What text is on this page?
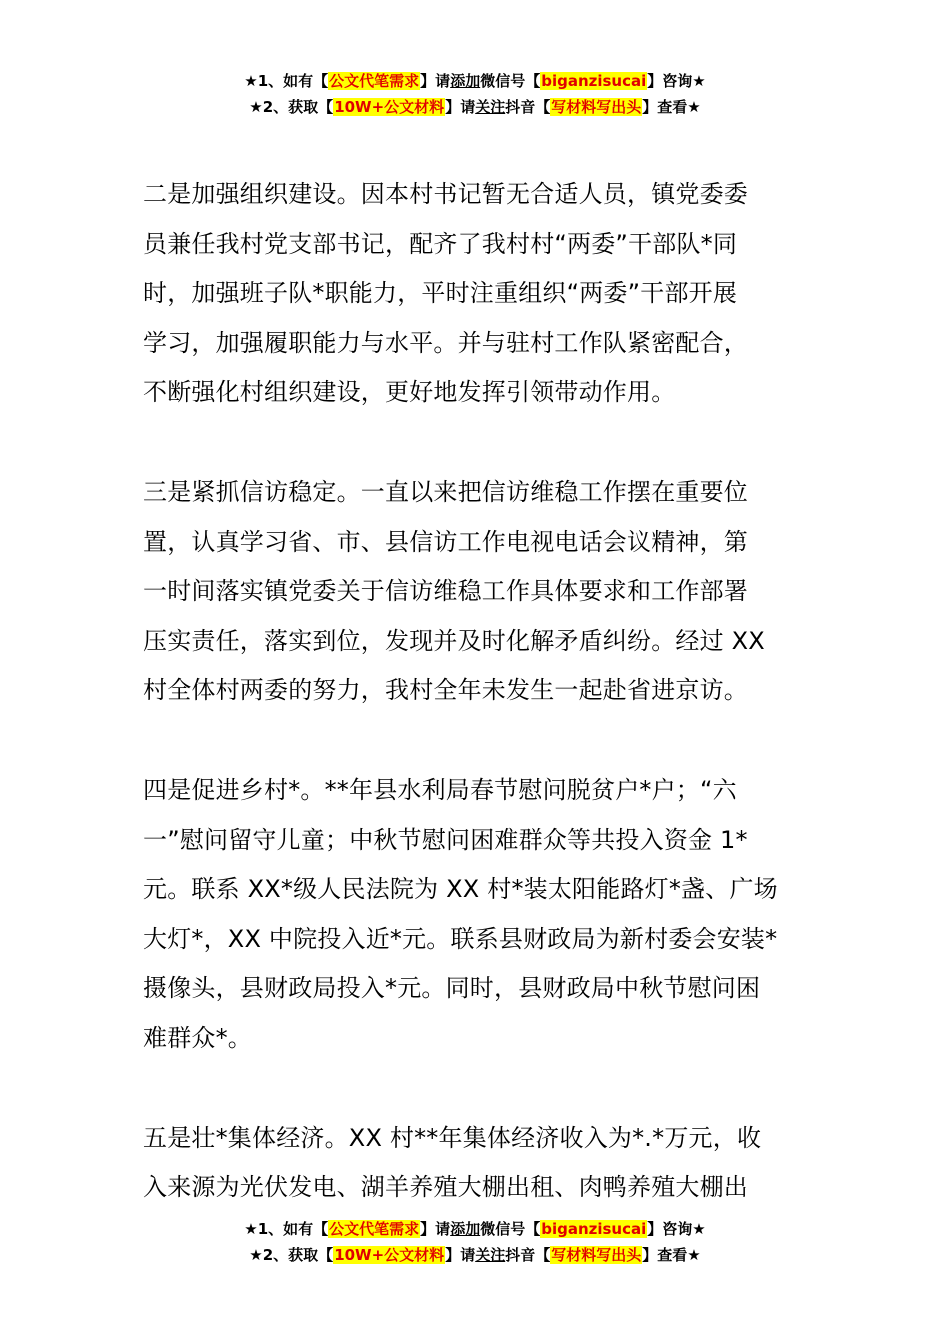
★1、如有【公文代笔需求】请添加微信号【biganzisucai】咨询★
★2、获取【10W+公文材料】请关注抖音【写材料写出头】查看★
二是加强组织建设。因本村书记暂无合适人员，镇党委委
员兼任我村党支部书记，配齐了我村村“两委”干部队*同
时，加强班子队*职能力，平时注重组织“两委”干部开展
学习，加强履职能力与水平。并与驻村工作队紧密配合，
不断强化村组织建设，更好地发挥引领带动作用。
三是紧抓信访稳定。一直以来把信访维稳工作摆在重要位
置，认真学习省、市、县信访工作电视电话会议精神，第
一时间落实镇党委关于信访维稳工作具体要求和工作部署
压实责任，落实到位，发现并及时化解矛盾纠纷。经过 XX
村全体村两委的努力，我村全年未发生一起赴省进京访。
四是促进乡村*。**年县水利局春节慰问脱贫户*户；“六
一”慰问留守儿童；中秋节慰问困难群众等共投入资金 1*
元。联系 XX*级人民法院为 XX 村*装太阳能路灯*盏、广场
大灯*，XX 中院投入近*元。联系县财政局为新村委会安装*
摄像头，县财政局投入*元。同时，县财政局中秋节慰问困
难群众*。
五是壮*集体经济。XX 村**年集体经济收入为*.*万元，收
入来源为光伏发电、湖羊养殖大棚出租、肉鸭养殖大棚出
★1、如有【公文代笔需求】请添加微信号【biganzisucai】咨询★
★2、获取【10W+公文材料】请关注抖音【写材料写出头】查看★
